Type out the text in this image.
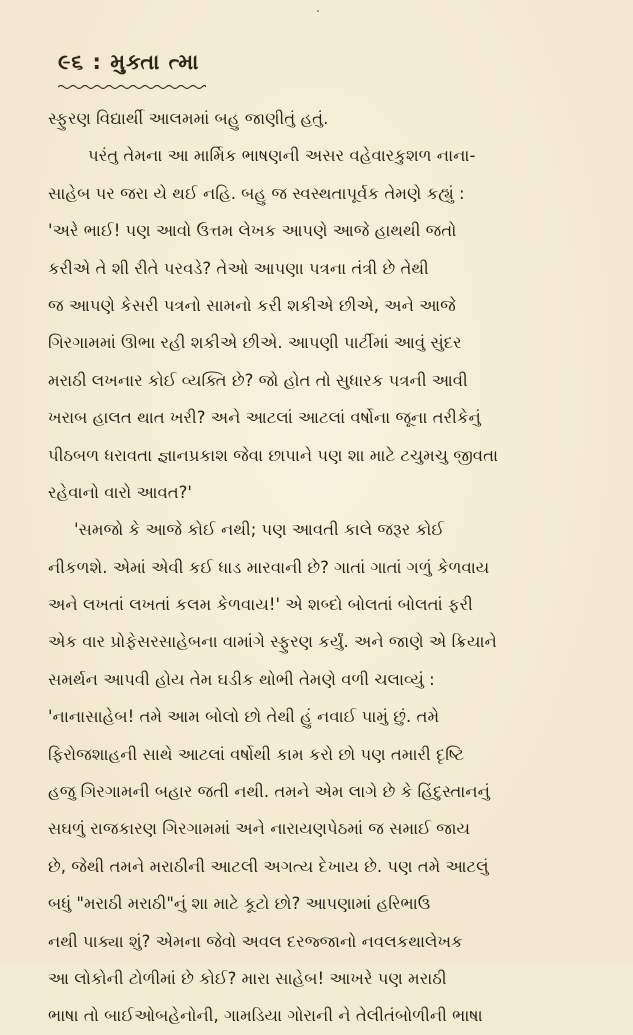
૯૬ : મુક્તા ત્મા
સ્ફુરણ વિદ્યાર્થી આલમમાં બહુ જાણીતું હતું.
પરંતુ તેમના આ માર્મિક ભાષણની અસર વહેવારકુશળ નાના-
સાહેબ પર જરા યે થઈ નહિ. બહુ જ સ્વસ્થતાપૂર્વક તેમણે કહ્યું :
'અરે ભાઈ! પણ આવો ઉત્તમ લેખક આપણે આજે હાથથી જતો
કરીએ તે શી રીતે પરવડે? તેઓ આપણા પત્રના તંત્રી છે તેથી
જ આપણે કેસરી પત્રનો સામનો કરી શકીએ છીએ, અને આજે
ગિરગામમાં ઊભા રહી શકીએ છીએ. આપણી પાર્ટીમાં આવું સુંદર
મરાઠી લખનાર કોઈ વ્યક્તિ છે? જો હોત તો સુધારક પત્રની આવી
ખરાબ હાલત થાત ખરી? અને આટલાં આટલાં વર્ષોના જૂના તરીકેનું
પીઠબળ ધરાવતા જ્ઞાનપ્રકાશ જેવા છાપાને પણ શા માટે ટચુમચુ જીવતા
રહેવાનો વારો આવત?'
'સમજો કે આજે કોઈ નથી; પણ આવતી કાલે જરૂર કોઈ
નીકળશે. એમાં એવી કઈ ધાડ મારવાની છે? ગાતાં ગાતાં ગળું કેળવાય
અને લખતાં લખતાં કલમ કેળવાય!' એ શબ્દો બોલતાં બોલતાં ફરી
એક વાર પ્રોફેસરસાહેબના વામાંગે સ્ફુરણ કર્યું. અને જાણે એ ક્રિયાને
સમર્થન આપવી હોય તેમ ઘડીક થોભી તેમણે વળી ચલાવ્યું :
'નાનાસાહેબ! તમે આમ બોલો છો તેથી હું નવાઈ પામું છું. તમે
ફિરોજશાહની સાથે આટલાં વર્ષોથી કામ કરો છો પણ તમારી દૃષ્ટિ
હજુ ગિરગામની બહાર જતી નથી. તમને એમ લાગે છે કે હિંદુસ્તાનનું
સઘળું રાજકારણ ગિરગામમાં અને નારાયણપેઠમાં જ સમાઈ જાય
છે, જેથી તમને મરાઠીની આટલી અગત્ય દેખાય છે. પણ તમે આટલું
બધું "મરાઠી મરાઠી"નું શા માટે કૂટો છો? આપણામાં હરિભાઉ
નથી પાક્યા શું? એમના જેવો અવલ દરજ્જાનો નવલકથાલેખક
આ લોકોની ટોળીમાં છે કોઈ? મારા સાહેબ! આખરે પણ મરાઠી
ભાષા તો બાઈઓબહેનોની, ગામડિયા ગોરાની ને તેલીતંબોળીની ભાષા
